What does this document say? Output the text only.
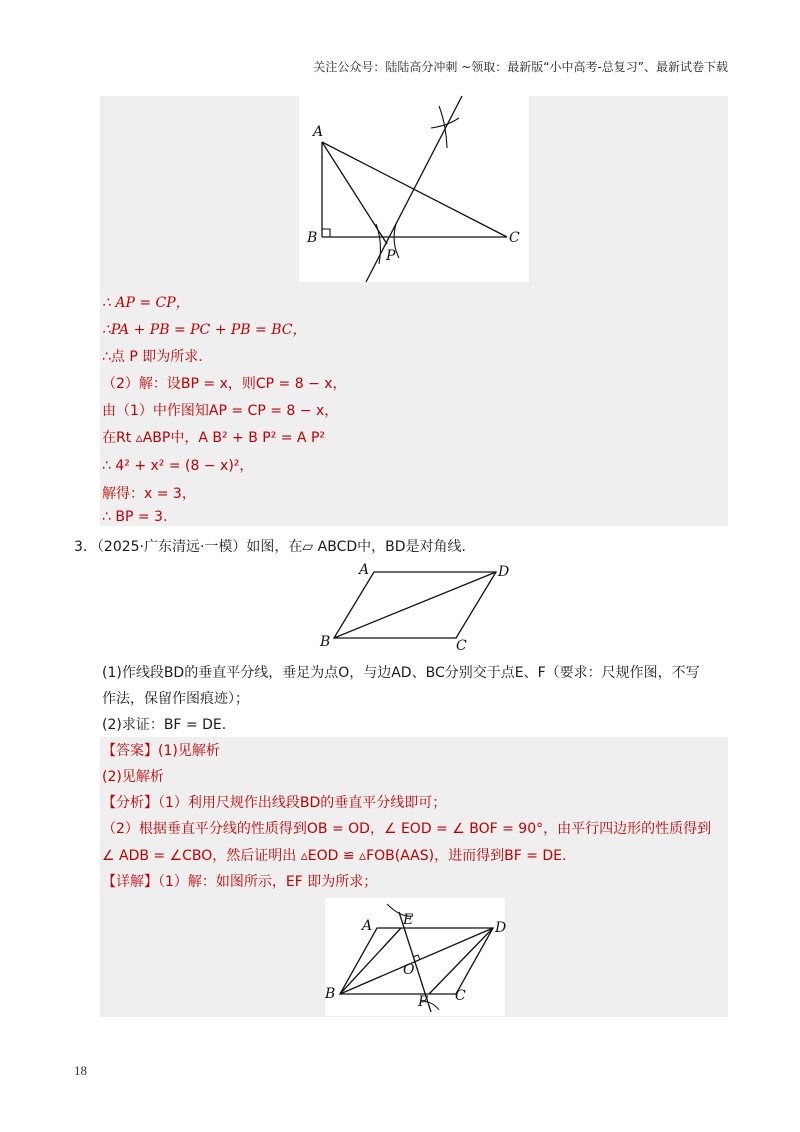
关注公众号：陆陆高分冲刺 ~领取：最新版“小中高考-总复习”、最新试卷下载
A
B	C
P
∴ AP = CP，
∴PA + PB = PC + PB = BC，
∴点 P 即为所求.
（2）解：设BP = x，则CP = 8 − x，
由（1）中作图知AP = CP = 8 − x，
在Rt ▵ABP中，A B² + B P² = A P²
∴ 4² + x² = (8 − x)²，
解得：x = 3，
∴ BP = 3.
3．（2025·广东清远·一模）如图，在▱ ABCD中，BD是对角线.
A	D
B	C
(1)作线段BD的垂直平分线，垂足为点O，与边AD、BC分别交于点E、F（要求：尺规作图，不写
作法，保留作图痕迹）；
(2)求证：BF = DE.
【答案】(1)见解析
(2)见解析
【分析】（1）利用尺规作出线段BD的垂直平分线即可；
（2）根据垂直平分线的性质得到OB = OD，∠ EOD = ∠ BOF = 90°，由平行四边形的性质得到
∠ ADB = ∠CBO，然后证明出 ▵EOD ≌ ▵FOB(AAS)，进而得到BF = DE.
【详解】（1）解：如图所示，EF 即为所求；
A E	D
O
B	F C
18
